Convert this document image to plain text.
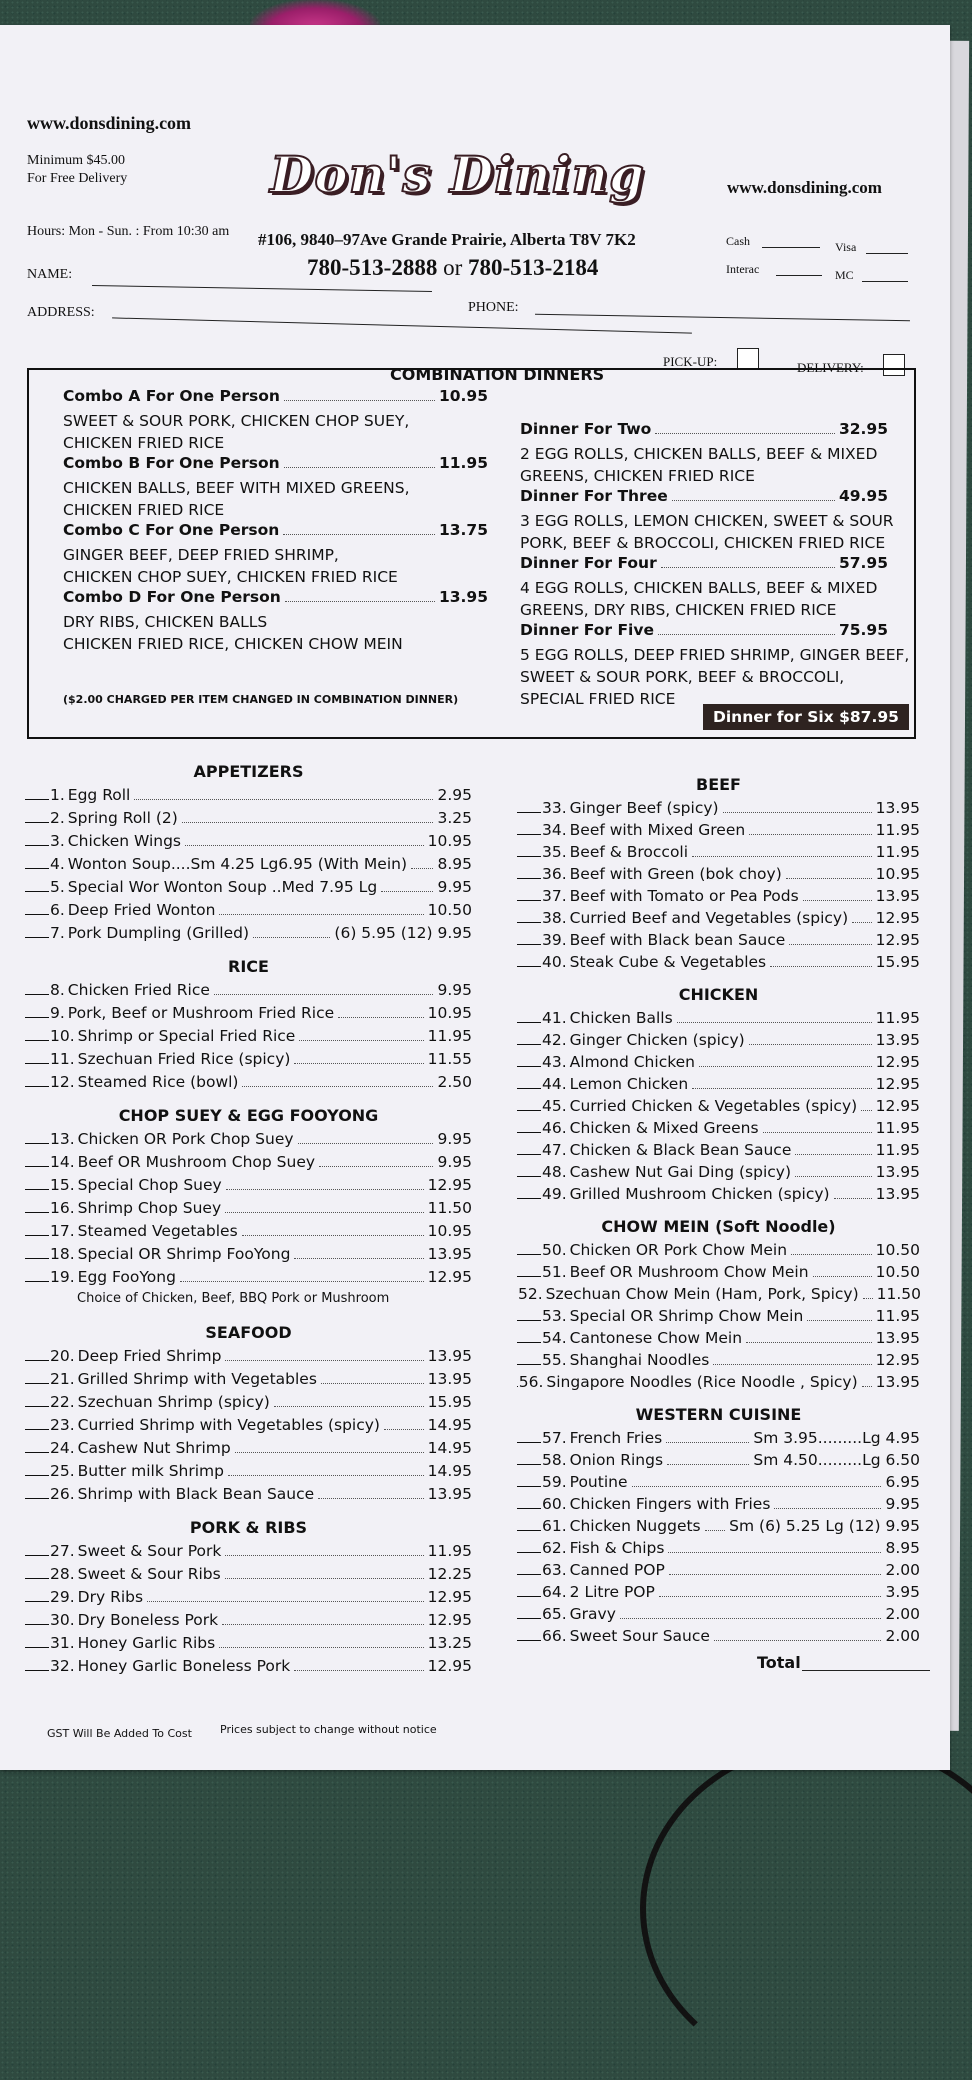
www.donsdining.com
www.donsdining.com
Minimum $45.00
For Free Delivery	Don's Dining
#106, 9840–97Ave Grande Prairie, Alberta T8V 7K2
780-513-2888 or 780-513-2184
Hours: Mon - Sun. : From 10:30 am
Cash	Visa
Interac	MC
NAME:
PHONE:
ADDRESS:
PICK-UP:	DELIVERY:
COMBINATION DINNERS
Combo A For One Person	10.95
SWEET & SOUR PORK, CHICKEN CHOP SUEY,
CHICKEN FRIED RICE
Combo B For One Person	11.95
CHICKEN BALLS, BEEF WITH MIXED GREENS,
CHICKEN FRIED RICE
Combo C For One Person	13.75
GINGER BEEF, DEEP FRIED SHRIMP,
CHICKEN CHOP SUEY, CHICKEN FRIED RICE
Combo D For One Person	13.95
DRY RIBS, CHICKEN BALLS
CHICKEN FRIED RICE, CHICKEN CHOW MEIN
Dinner For Two	32.95
2 EGG ROLLS, CHICKEN BALLS, BEEF & MIXED
GREENS, CHICKEN FRIED RICE
Dinner For Three	49.95
3 EGG ROLLS, LEMON CHICKEN, SWEET & SOUR
PORK, BEEF & BROCCOLI, CHICKEN FRIED RICE
Dinner For Four	57.95
4 EGG ROLLS, CHICKEN BALLS, BEEF & MIXED
GREENS, DRY RIBS, CHICKEN FRIED RICE
Dinner For Five	75.95
5 EGG ROLLS, DEEP FRIED SHRIMP, GINGER BEEF,
SWEET & SOUR PORK, BEEF & BROCCOLI,
SPECIAL FRIED RICE
($2.00 CHARGED PER ITEM CHANGED IN COMBINATION DINNER)
Dinner for Six $87.95
APPETIZERS
1. Egg Roll	2.95
2. Spring Roll (2)	3.25
3. Chicken Wings	10.95
4. Wonton Soup....Sm 4.25 Lg6.95 (With Mein) 8.95
5. Special Wor Wonton Soup ..Med 7.95 Lg	9.95
6. Deep Fried Wonton	10.50
7. Pork Dumpling (Grilled)	(6) 5.95 (12) 9.95
RICE
8. Chicken Fried Rice	9.95
9. Pork, Beef or Mushroom Fried Rice	10.95
10. Shrimp or Special Fried Rice	11.95
11. Szechuan Fried Rice (spicy)	11.55
12. Steamed Rice (bowl)	2.50
CHOP SUEY & EGG FOOYONG
13. Chicken OR Pork Chop Suey	9.95
14. Beef OR Mushroom Chop Suey	9.95
15. Special Chop Suey	12.95
16. Shrimp Chop Suey	11.50
17. Steamed Vegetables	10.95
18. Special OR Shrimp FooYong	13.95
19. Egg FooYong	12.95
Choice of Chicken, Beef, BBQ Pork or Mushroom
SEAFOOD
20. Deep Fried Shrimp	13.95
21. Grilled Shrimp with Vegetables	13.95
22. Szechuan Shrimp (spicy)	15.95
23. Curried Shrimp with Vegetables (spicy)	14.95
24. Cashew Nut Shrimp	14.95
25. Butter milk Shrimp	14.95
26. Shrimp with Black Bean Sauce	13.95
PORK & RIBS
27. Sweet & Sour Pork	11.95
28. Sweet & Sour Ribs	12.25
29. Dry Ribs	12.95
30. Dry Boneless Pork	12.95
31. Honey Garlic Ribs	13.25
32. Honey Garlic Boneless Pork	12.95
BEEF
33. Ginger Beef (spicy)	13.95
34. Beef with Mixed Green	11.95
35. Beef & Broccoli	11.95
36. Beef with Green (bok choy)	10.95
37. Beef with Tomato or Pea Pods	13.95
38. Curried Beef and Vegetables (spicy) 12.95
39. Beef with Black bean Sauce	12.95
40. Steak Cube & Vegetables	15.95
CHICKEN
41. Chicken Balls	11.95
42. Ginger Chicken (spicy)	13.95
43. Almond Chicken	12.95
44. Lemon Chicken	12.95
45. Curried Chicken & Vegetables (spicy) 12.95
46. Chicken & Mixed Greens	11.95
47. Chicken & Black Bean Sauce	11.95
48. Cashew Nut Gai Ding (spicy)	13.95
49. Grilled Mushroom Chicken (spicy)	13.95
CHOW MEIN (Soft Noodle)
50. Chicken OR Pork Chow Mein	10.50
51. Beef OR Mushroom Chow Mein	10.50
52. Szechuan Chow Mein (Ham, Pork, Spicy) 11.50
53. Special OR Shrimp Chow Mein	11.95
54. Cantonese Chow Mein	13.95
55. Shanghai Noodles	12.95
56. Singapore Noodles (Rice Noodle , Spicy) 13.95
WESTERN CUISINE
57. French Fries	Sm 3.95.........Lg 4.95
58. Onion Rings	Sm 4.50.........Lg 6.50
59. Poutine	6.95
60. Chicken Fingers with Fries	9.95
61. Chicken Nuggets Sm (6) 5.25 Lg (12) 9.95
62. Fish & Chips	8.95
63. Canned POP	2.00
64. 2 Litre POP	3.95
65. Gravy	2.00
66. Sweet Sour Sauce	2.00
Total
GST Will Be Added To Cost	Prices subject to change without notice
